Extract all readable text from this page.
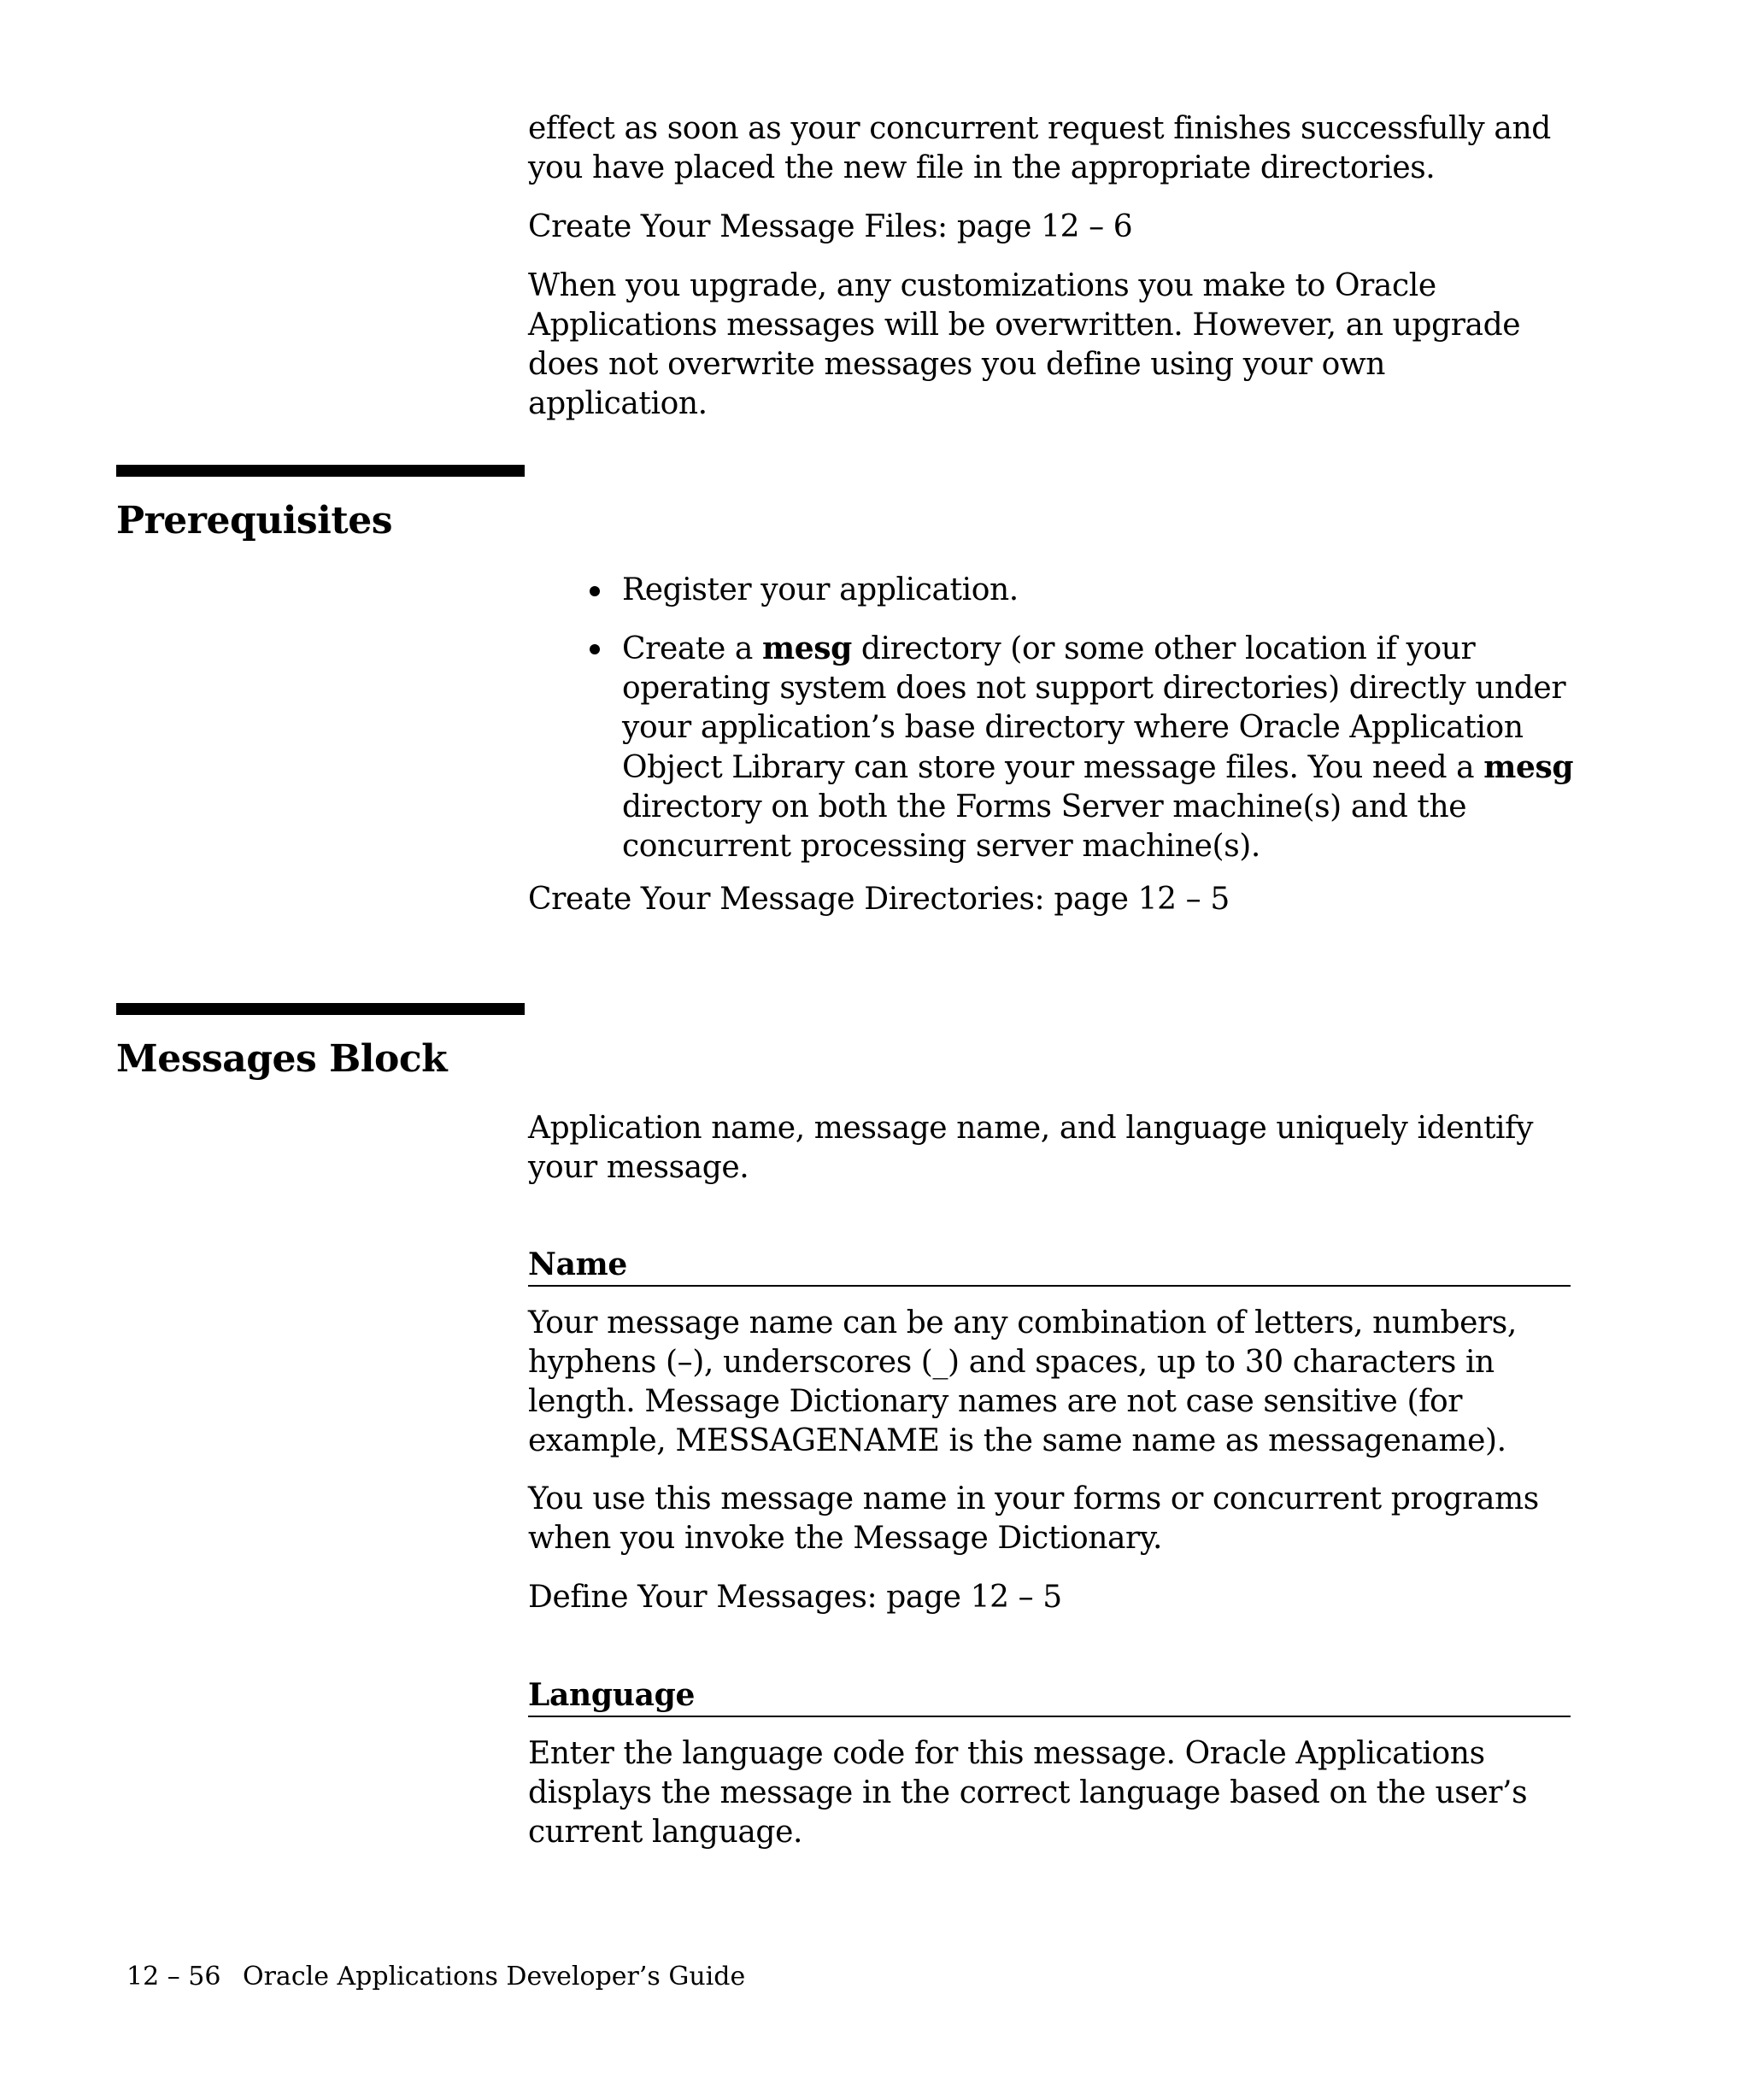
effect as soon as your concurrent request finishes successfully and you have placed the new file in the appropriate directories.

Create Your Message Files: page 12 – 6

When you upgrade, any customizations you make to Oracle Applications messages will be overwritten. However, an upgrade does not overwrite messages you define using your own application.

Prerequisites
Register your application.
Create a mesg directory (or some other location if your operating system does not support directories) directly under your application’s base directory where Oracle Application Object Library can store your message files. You need a mesg directory on both the Forms Server machine(s) and the concurrent processing server machine(s).

Create Your Message Directories: page 12 – 5

Messages Block

Application name, message name, and language uniquely identify your message.

Name

Your message name can be any combination of letters, numbers, hyphens (–), underscores (_) and spaces, up to 30 characters in length. Message Dictionary names are not case sensitive (for example, MESSAGENAME is the same name as messagename).

You use this message name in your forms or concurrent programs when you invoke the Message Dictionary.

Define Your Messages: page 12 – 5

Language

Enter the language code for this message. Oracle Applications displays the message in the correct language based on the user’s current language.

12 – 56 Oracle Applications Developer’s Guide
